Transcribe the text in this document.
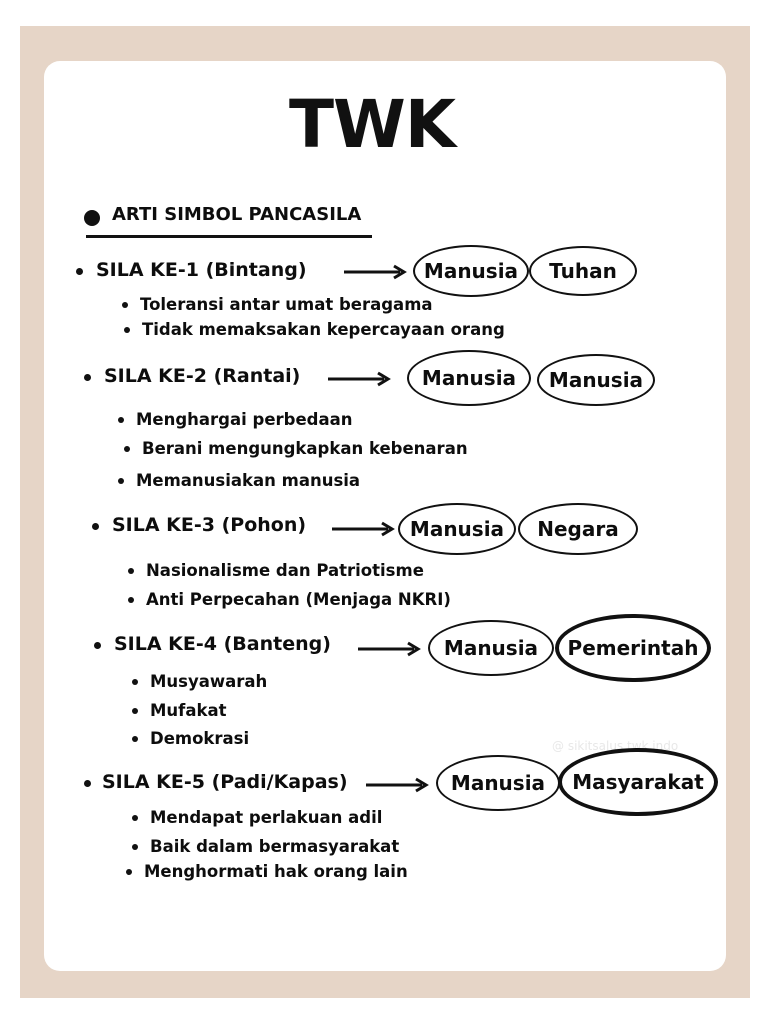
TWK
ARTI SIMBOL PANCASILA
SILA KE-1 (Bintang)	Manusia	Tuhan
Toleransi antar umat beragama
Tidak memaksakan kepercayaan orang
SILA KE-2 (Rantai)	Manusia	Manusia
Menghargai perbedaan
Berani mengungkapkan kebenaran
Memanusiakan manusia
SILA KE-3 (Pohon)	Manusia	Negara
Nasionalisme dan Patriotisme
Anti Perpecahan (Menjaga NKRI)
SILA KE-4 (Banteng)	Manusia	Pemerintah
Musyawarah
Mufakat
Demokrasi	@ sikitsalus.twk.indo
SILA KE-5 (Padi/Kapas)	Manusia	Masyarakat
Mendapat perlakuan adil
Baik dalam bermasyarakat
Menghormati hak orang lain
